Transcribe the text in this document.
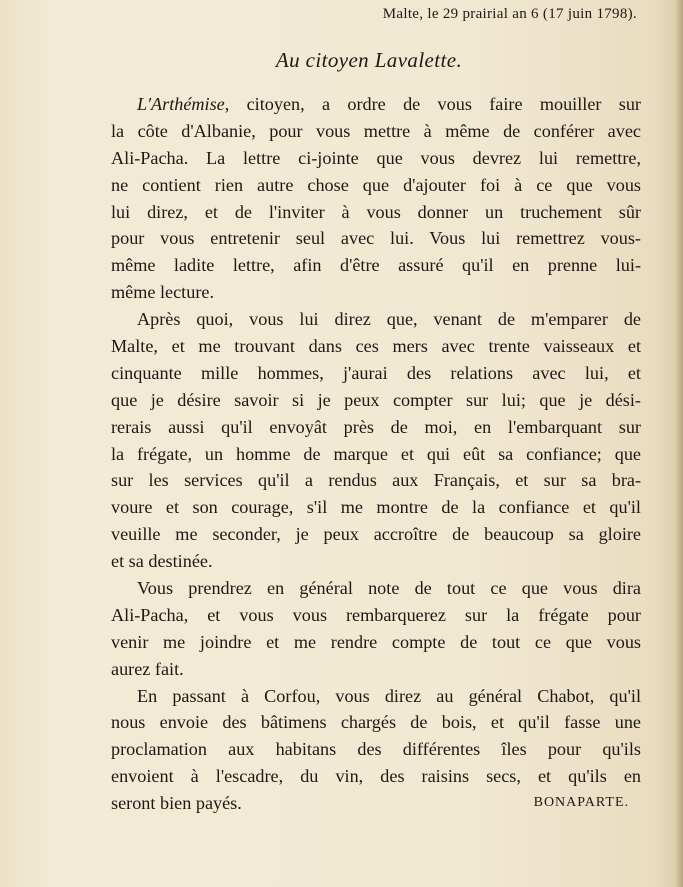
Malte, le 29 prairial an 6 (17 juin 1798).
Au citoyen Lavalette.
L'Arthémise, citoyen, a ordre de vous faire mouiller sur
la côte d'Albanie, pour vous mettre à même de conférer avec
Ali-Pacha. La lettre ci-jointe que vous devrez lui remettre,
ne contient rien autre chose que d'ajouter foi à ce que vous
lui direz, et de l'inviter à vous donner un truchement sûr
pour vous entretenir seul avec lui. Vous lui remettrez vous-
même ladite lettre, afin d'être assuré qu'il en prenne lui-
même lecture.
Après quoi, vous lui direz que, venant de m'emparer de
Malte, et me trouvant dans ces mers avec trente vaisseaux et
cinquante mille hommes, j'aurai des relations avec lui, et
que je désire savoir si je peux compter sur lui; que je dési-
rerais aussi qu'il envoyât près de moi, en l'embarquant sur
la frégate, un homme de marque et qui eût sa confiance; que
sur les services qu'il a rendus aux Français, et sur sa bra-
voure et son courage, s'il me montre de la confiance et qu'il
veuille me seconder, je peux accroître de beaucoup sa gloire
et sa destinée.
Vous prendrez en général note de tout ce que vous dira
Ali-Pacha, et vous vous rembarquerez sur la frégate pour
venir me joindre et me rendre compte de tout ce que vous
aurez fait.
En passant à Corfou, vous direz au général Chabot, qu'il
nous envoie des bâtimens chargés de bois, et qu'il fasse une
proclamation aux habitans des différentes îles pour qu'ils
envoient à l'escadre, du vin, des raisins secs, et qu'ils en
seront bien payés.	BONAPARTE.
